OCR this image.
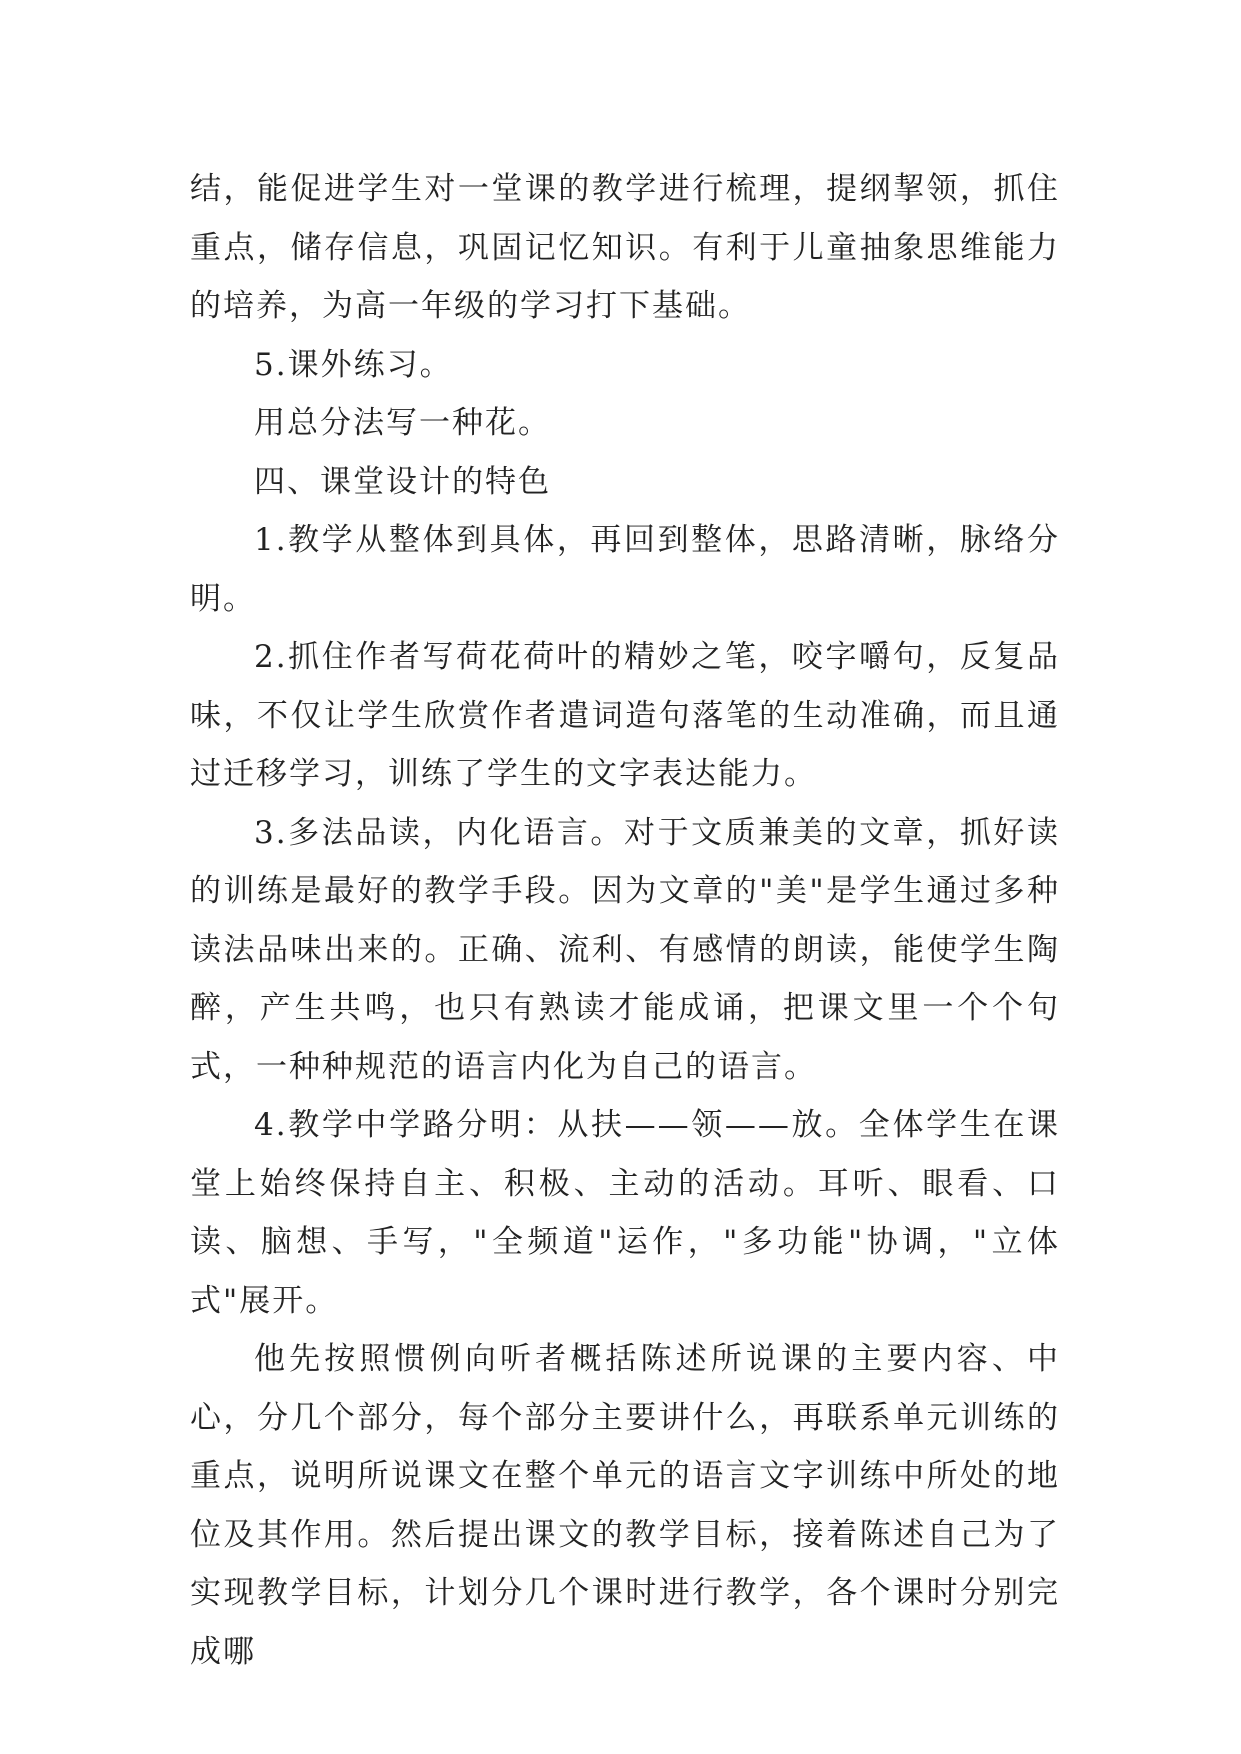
结，能促进学生对一堂课的教学进行梳理，提纲挈领，抓住重点，储存信息，巩固记忆知识。有利于儿童抽象思维能力的培养，为高一年级的学习打下基础。

5.课外练习。

用总分法写一种花。

四、课堂设计的特色

1.教学从整体到具体，再回到整体，思路清晰，脉络分明。

2.抓住作者写荷花荷叶的精妙之笔，咬字嚼句，反复品味，不仅让学生欣赏作者遣词造句落笔的生动准确，而且通过迁移学习，训练了学生的文字表达能力。

3.多法品读，内化语言。对于文质兼美的文章，抓好读的训练是最好的教学手段。因为文章的"美"是学生通过多种读法品味出来的。正确、流利、有感情的朗读，能使学生陶醉，产生共鸣，也只有熟读才能成诵，把课文里一个个句式，一种种规范的语言内化为自己的语言。

4.教学中学路分明：从扶——领——放。全体学生在课堂上始终保持自主、积极、主动的活动。耳听、眼看、口读、脑想、手写，"全频道"运作，"多功能"协调，"立体式"展开。

他先按照惯例向听者概括陈述所说课的主要内容、中心，分几个部分，每个部分主要讲什么，再联系单元训练的重点，说明所说课文在整个单元的语言文字训练中所处的地位及其作用。然后提出课文的教学目标，接着陈述自己为了实现教学目标，计划分几个课时进行教学，各个课时分别完成哪
